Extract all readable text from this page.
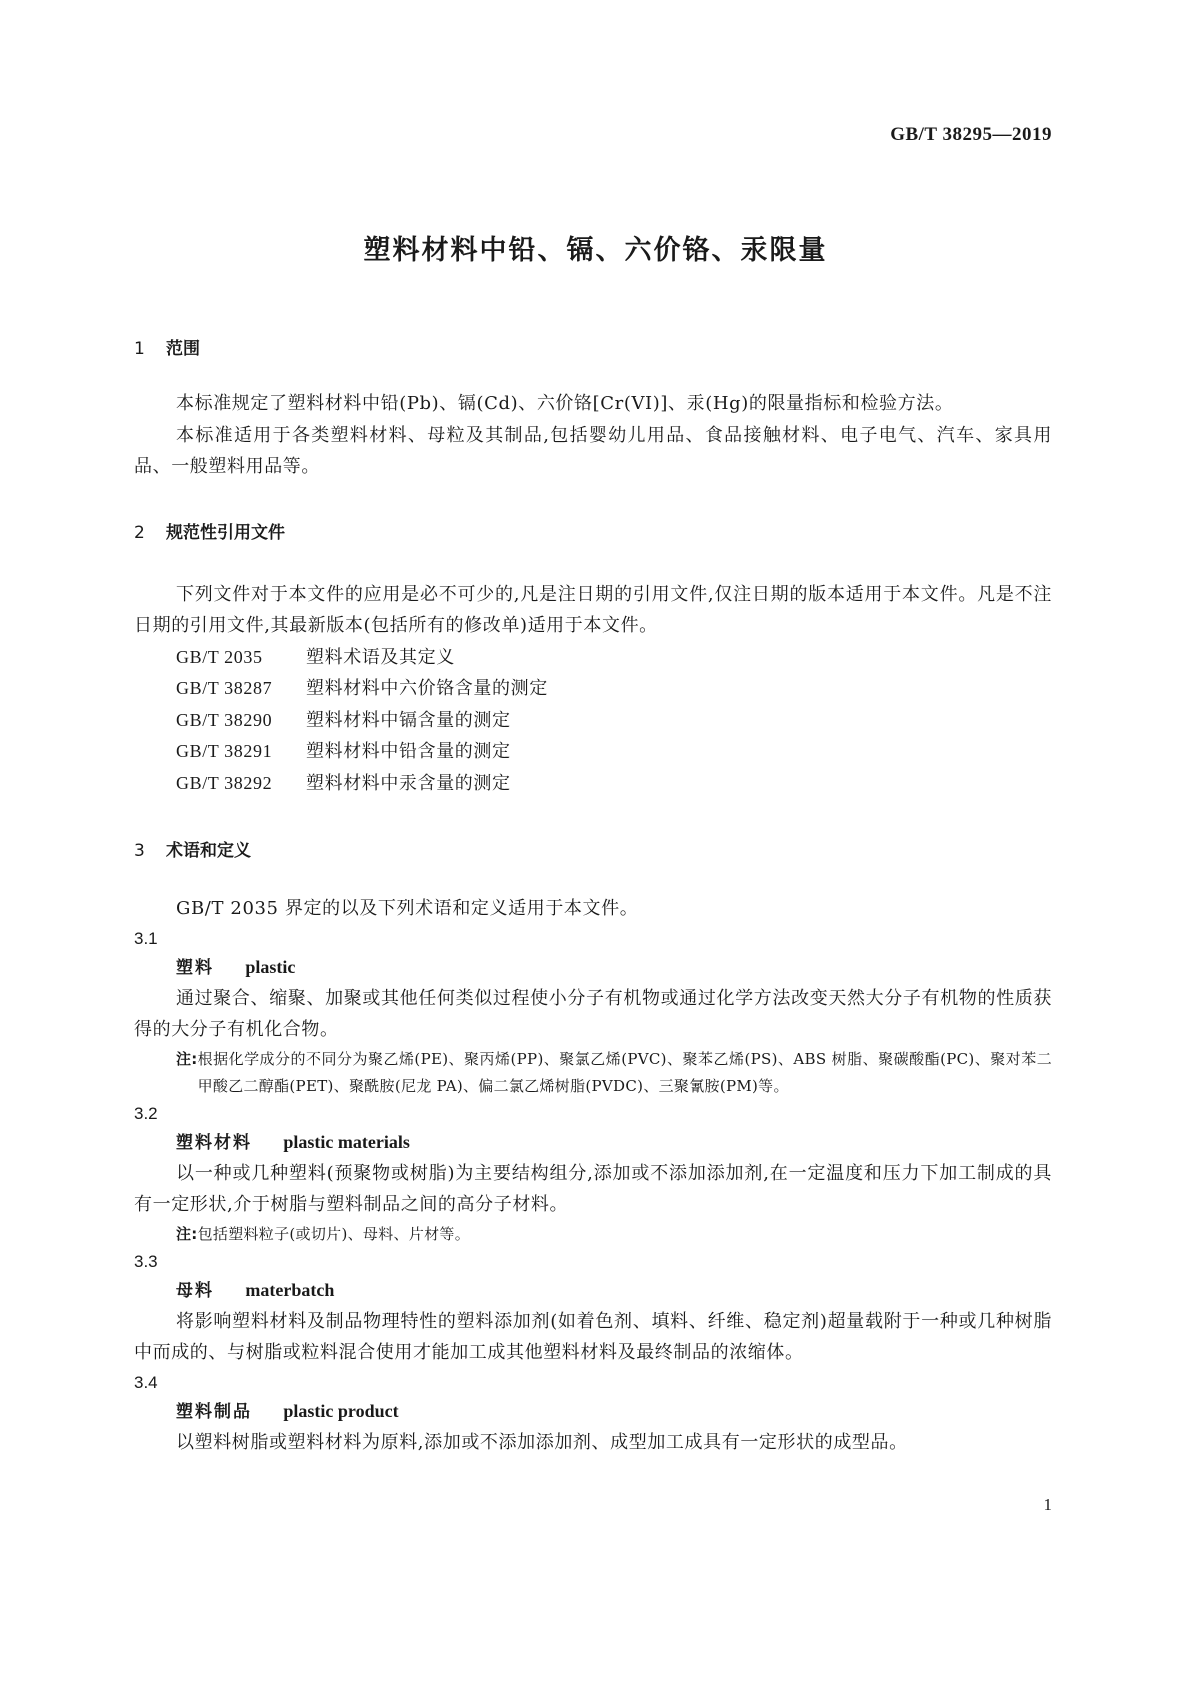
GB/T 38295—2019
塑料材料中铅、镉、六价铬、汞限量
1	范围
本标准规定了塑料材料中铅(Pb)、镉(Cd)、六价铬[Cr(VI)]、汞(Hg)的限量指标和检验方法。
本标准适用于各类塑料材料、母粒及其制品,包括婴幼儿用品、食品接触材料、电子电气、汽车、家具用品、一般塑料用品等。
2	规范性引用文件
下列文件对于本文件的应用是必不可少的,凡是注日期的引用文件,仅注日期的版本适用于本文件。凡是不注日期的引用文件,其最新版本(包括所有的修改单)适用于本文件。
GB/T 2035	塑料术语及其定义
GB/T 38287	塑料材料中六价铬含量的测定
GB/T 38290	塑料材料中镉含量的测定
GB/T 38291	塑料材料中铅含量的测定
GB/T 38292	塑料材料中汞含量的测定
3	术语和定义
GB/T 2035 界定的以及下列术语和定义适用于本文件。
3.1
塑料 plastic
通过聚合、缩聚、加聚或其他任何类似过程使小分子有机物或通过化学方法改变天然大分子有机物的性质获得的大分子有机化合物。
注: 根据化学成分的不同分为聚乙烯(PE)、聚丙烯(PP)、聚氯乙烯(PVC)、聚苯乙烯(PS)、ABS 树脂、聚碳酸酯(PC)、聚对苯二甲酸乙二醇酯(PET)、聚酰胺(尼龙 PA)、偏二氯乙烯树脂(PVDC)、三聚氰胺(PM)等。
3.2
塑料材料 plastic materials
以一种或几种塑料(预聚物或树脂)为主要结构组分,添加或不添加添加剂,在一定温度和压力下加工制成的具有一定形状,介于树脂与塑料制品之间的高分子材料。
注: 包括塑料粒子(或切片)、母料、片材等。
3.3
母料 materbatch
将影响塑料材料及制品物理特性的塑料添加剂(如着色剂、填料、纤维、稳定剂)超量载附于一种或几种树脂中而成的、与树脂或粒料混合使用才能加工成其他塑料材料及最终制品的浓缩体。
3.4
塑料制品 plastic product
以塑料树脂或塑料材料为原料,添加或不添加添加剂、成型加工成具有一定形状的成型品。
1
